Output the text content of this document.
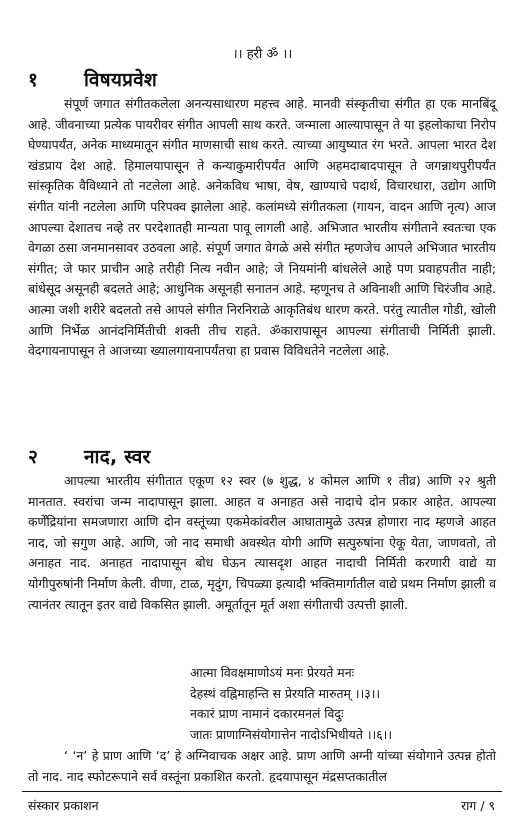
।। हरी ॐ ।।
१	विषयप्रवेश

संपूर्ण जगात संगीतकलेला अनन्यसाधारण महत्त्व आहे. मानवी संस्कृतीचा संगीत हा एक मानबिंदू आहे. जीवनाच्या प्रत्येक पायरीवर संगीत आपली साथ करते. जन्माला आल्यापासून ते या इहलोकाचा निरोप घेण्यापर्यंत, अनेक माध्यमातून संगीत माणसाची साथ करते. त्याच्या आयुष्यात रंग भरते. आपला भारत देश खंडप्राय देश आहे. हिमालयापासून ते कन्याकुमारीपर्यंत आणि अहमदाबादपासून ते जगन्नाथपुरीपर्यंत सांस्कृतिक वैविध्याने तो नटलेला आहे. अनेकविध भाषा, वेष, खाण्याचे पदार्थ, विचारधारा, उद्योग आणि संगीत यांनी नटलेला आणि परिपक्व झालेला आहे. कलांमध्ये संगीतकला (गायन, वादन आणि नृत्य) आज आपल्या देशातच नव्हे तर परदेशातही मान्यता पावू लागली आहे. अभिजात भारतीय संगीताने स्वतःचा एक वेगळा ठसा जनमानसावर उठवला आहे. संपूर्ण जगात वेगळे असे संगीत म्हणजेच आपले अभिजात भारतीय संगीत; जे फार प्राचीन आहे तरीही नित्य नवीन आहे; जे नियमांनी बांधलेले आहे पण प्रवाहपतीत नाही; बांधेसूद असूनही बदलते आहे; आधुनिक असूनही सनातन आहे. म्हणूनच ते अविनाशी आणि चिरंजीव आहे. आत्मा जशी शरीरे बदलतो तसे आपले संगीत निरनिराळे आकृतिबंध धारण करते. परंतु त्यातील गोडी, खोली आणि निर्भेळ आनंदनिर्मितीची शक्ती तीच राहते. ॐकारापासून आपल्या संगीताची निर्मिती झाली. वेदगायनापासून ते आजच्या ख्यालगायनापर्यंतचा हा प्रवास विविधतेने नटलेला आहे.

२	नाद, स्वर

आपल्या भारतीय संगीतात एकूण १२ स्वर (७ शुद्ध, ४ कोमल आणि १ तीव्र) आणि २२ श्रुती मानतात. स्वरांचा जन्म नादापासून झाला. आहत व अनाहत असे नादाचे दोन प्रकार आहेत. आपल्या कर्णेंद्रियांना समजणारा आणि दोन वस्तूंच्या एकमेकांवरील आघातामुळे उत्पन्न होणारा नाद म्हणजे आहत नाद, जो सगुण आहे. आणि, जो नाद समाधी अवस्थेत योगी आणि सत्पुरुषांना ऐकू येता, जाणवतो, तो अनाहत नाद. अनाहत नादापासून बोध घेऊन त्यासदृश आहत नादाची निर्मिती करणारी वाद्ये या योगीपुरुषांनी निर्माण केली. वीणा, टाळ, मृदुंग, चिपळ्या इत्यादी भक्तिमार्गातील वाद्ये प्रथम निर्माण झाली व त्यानंतर त्यातून इतर वाद्ये विकसित झाली. अमूर्तातून मूर्त अशा संगीताची उत्पत्ती झाली.

आत्मा विवक्षमाणोऽयं मनः प्रेरयते मनः
देहस्थं वह्निमाहन्ति स प्रेरयति मारुतम् ।।३।।
नकारं प्राण नामानं दकारमनलं विदुः
जातः प्राणाग्निसंयोगात्तेन नादोऽभिधीयते ।।६।।

‘ ‘न’ हे प्राण आणि ‘द’ हे अग्निवाचक अक्षर आहे. प्राण आणि अग्नी यांच्या संयोगाने उत्पन्न होतो तो नाद. नाद स्फोटरूपाने सर्व वस्तूंना प्रकाशित करतो. हृदयापासून मंद्रसप्तकातील

संस्कार प्रकाशन	राग / ९
